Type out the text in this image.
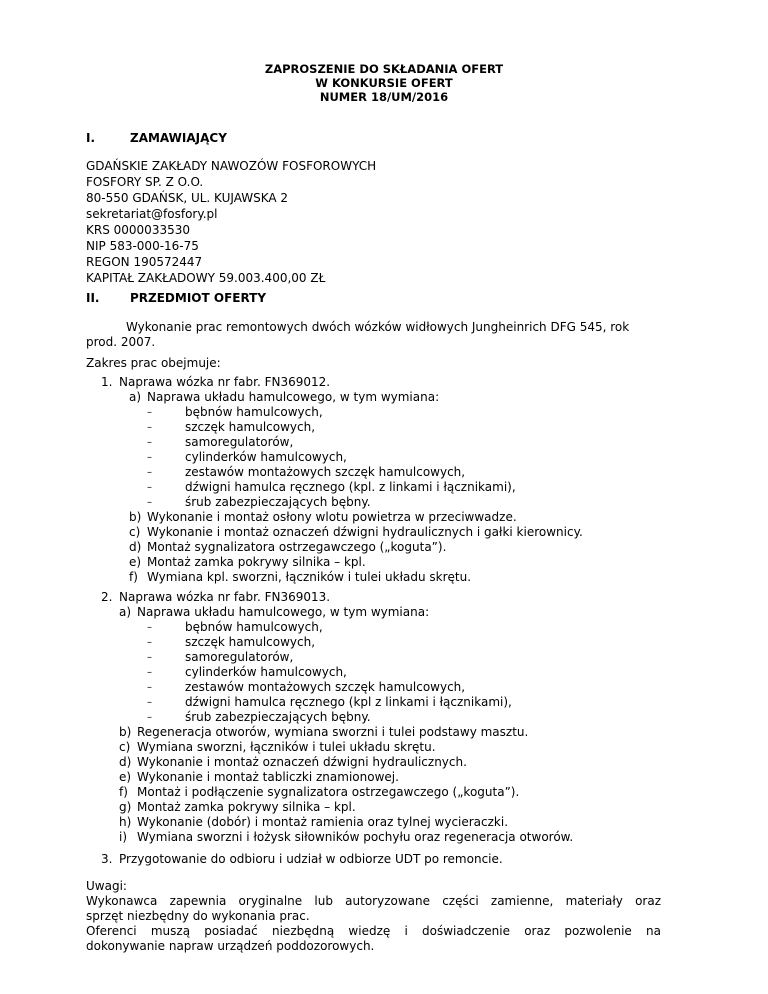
ZAPROSZENIE DO SKŁADANIA OFERT
W KONKURSIE OFERT
NUMER 18/UM/2016
I.	ZAMAWIAJĄCY
GDAŃSKIE ZAKŁADY NAWOZÓW FOSFOROWYCH
FOSFORY SP. Z O.O.
80-550 GDAŃSK, UL. KUJAWSKA 2
sekretariat@fosfory.pl
KRS 0000033530
NIP 583-000-16-75
REGON 190572447
KAPITAŁ ZAKŁADOWY 59.003.400,00 ZŁ
II.	PRZEDMIOT OFERTY
Wykonanie prac remontowych dwóch wózków widłowych Jungheinrich DFG 545, rok
prod. 2007.
Zakres prac obejmuje:
1. Naprawa wózka nr fabr. FN369012.
a) Naprawa układu hamulcowego, w tym wymiana:
–	bębnów hamulcowych,
–	szczęk hamulcowych,
–	samoregulatorów,
–	cylinderków hamulcowych,
–	zestawów montażowych szczęk hamulcowych,
–	dźwigni hamulca ręcznego (kpl. z linkami i łącznikami),
–	śrub zabezpieczających bębny.
b) Wykonanie i montaż osłony wlotu powietrza w przeciwwadze.
c) Wykonanie i montaż oznaczeń dźwigni hydraulicznych i gałki kierownicy.
d) Montaż sygnalizatora ostrzegawczego („koguta”).
e) Montaż zamka pokrywy silnika – kpl.
f) Wymiana kpl. sworzni, łączników i tulei układu skrętu.
2. Naprawa wózka nr fabr. FN369013.
a) Naprawa układu hamulcowego, w tym wymiana:
–	bębnów hamulcowych,
–	szczęk hamulcowych,
–	samoregulatorów,
–	cylinderków hamulcowych,
–	zestawów montażowych szczęk hamulcowych,
–	dźwigni hamulca ręcznego (kpl z linkami i łącznikami),
–	śrub zabezpieczających bębny.
b) Regeneracja otworów, wymiana sworzni i tulei podstawy masztu.
c) Wymiana sworzni, łączników i tulei układu skrętu.
d) Wykonanie i montaż oznaczeń dźwigni hydraulicznych.
e) Wykonanie i montaż tabliczki znamionowej.
f) Montaż i podłączenie sygnalizatora ostrzegawczego („koguta”).
g) Montaż zamka pokrywy silnika – kpl.
h) Wykonanie (dobór) i montaż ramienia oraz tylnej wycieraczki.
i) Wymiana sworzni i łożysk siłowników pochyłu oraz regeneracja otworów.
3. Przygotowanie do odbioru i udział w odbiorze UDT po remoncie.
Uwagi:
Wykonawca zapewnia oryginalne lub autoryzowane części zamienne, materiały oraz
sprzęt niezbędny do wykonania prac.
Oferenci muszą posiadać niezbędną wiedzę i doświadczenie oraz pozwolenie na
dokonywanie napraw urządzeń poddozorowych.
